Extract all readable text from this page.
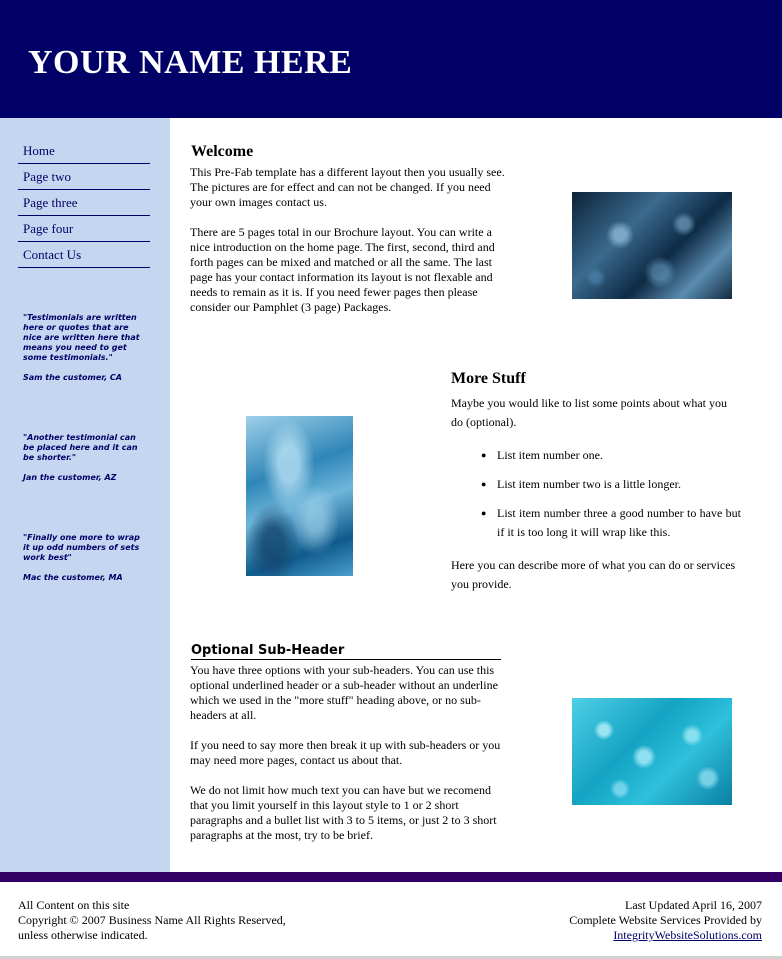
YOUR NAME HERE
Home
Page two
Page three
Page four
Contact Us
"Testimonials are written here or quotes that are nice are written here that means you need to get some testimonials."
Sam the customer, CA
"Another testimonial can be placed here and it can be shorter."
Jan the customer, AZ
"Finally one more to wrap it up odd numbers of sets work best"
Mac the customer, MA
Welcome

This Pre-Fab template has a different layout then you usually see. The pictures are for effect and can not be changed. If you need your own images contact us.

There are 5 pages total in our Brochure layout. You can write a nice introduction on the home page. The first, second, third and forth pages can be mixed and matched or all the same. The last page has your contact information its layout is not flexable and needs to remain as it is. If you need fewer pages then please consider our Pamphlet (3 page) Packages.

More Stuff

Maybe you would like to list some points about what you do (optional).

● List item number one.
● List item number two is a little longer.
● List item number three a good number to have but if it is too long it will wrap like this.

Here you can describe more of what you can do or services you provide.

Optional Sub-Header

You have three options with your sub-headers. You can use this optional underlined header or a sub-header without an underline which we used in the "more stuff" heading above, or no sub-headers at all.

If you need to say more then break it up with sub-headers or you may need more pages, contact us about that.

We do not limit how much text you can have but we recomend that you limit yourself in this layout style to 1 or 2 short paragraphs and a bullet list with 3 to 5 items, or just 2 to 3 short paragraphs at the most, try to be brief.

All Content on this site
Copyright © 2007 Business Name All Rights Reserved,
unless otherwise indicated.
Last Updated April 16, 2007
Complete Website Services Provided by
IntegrityWebsiteSolutions.com
